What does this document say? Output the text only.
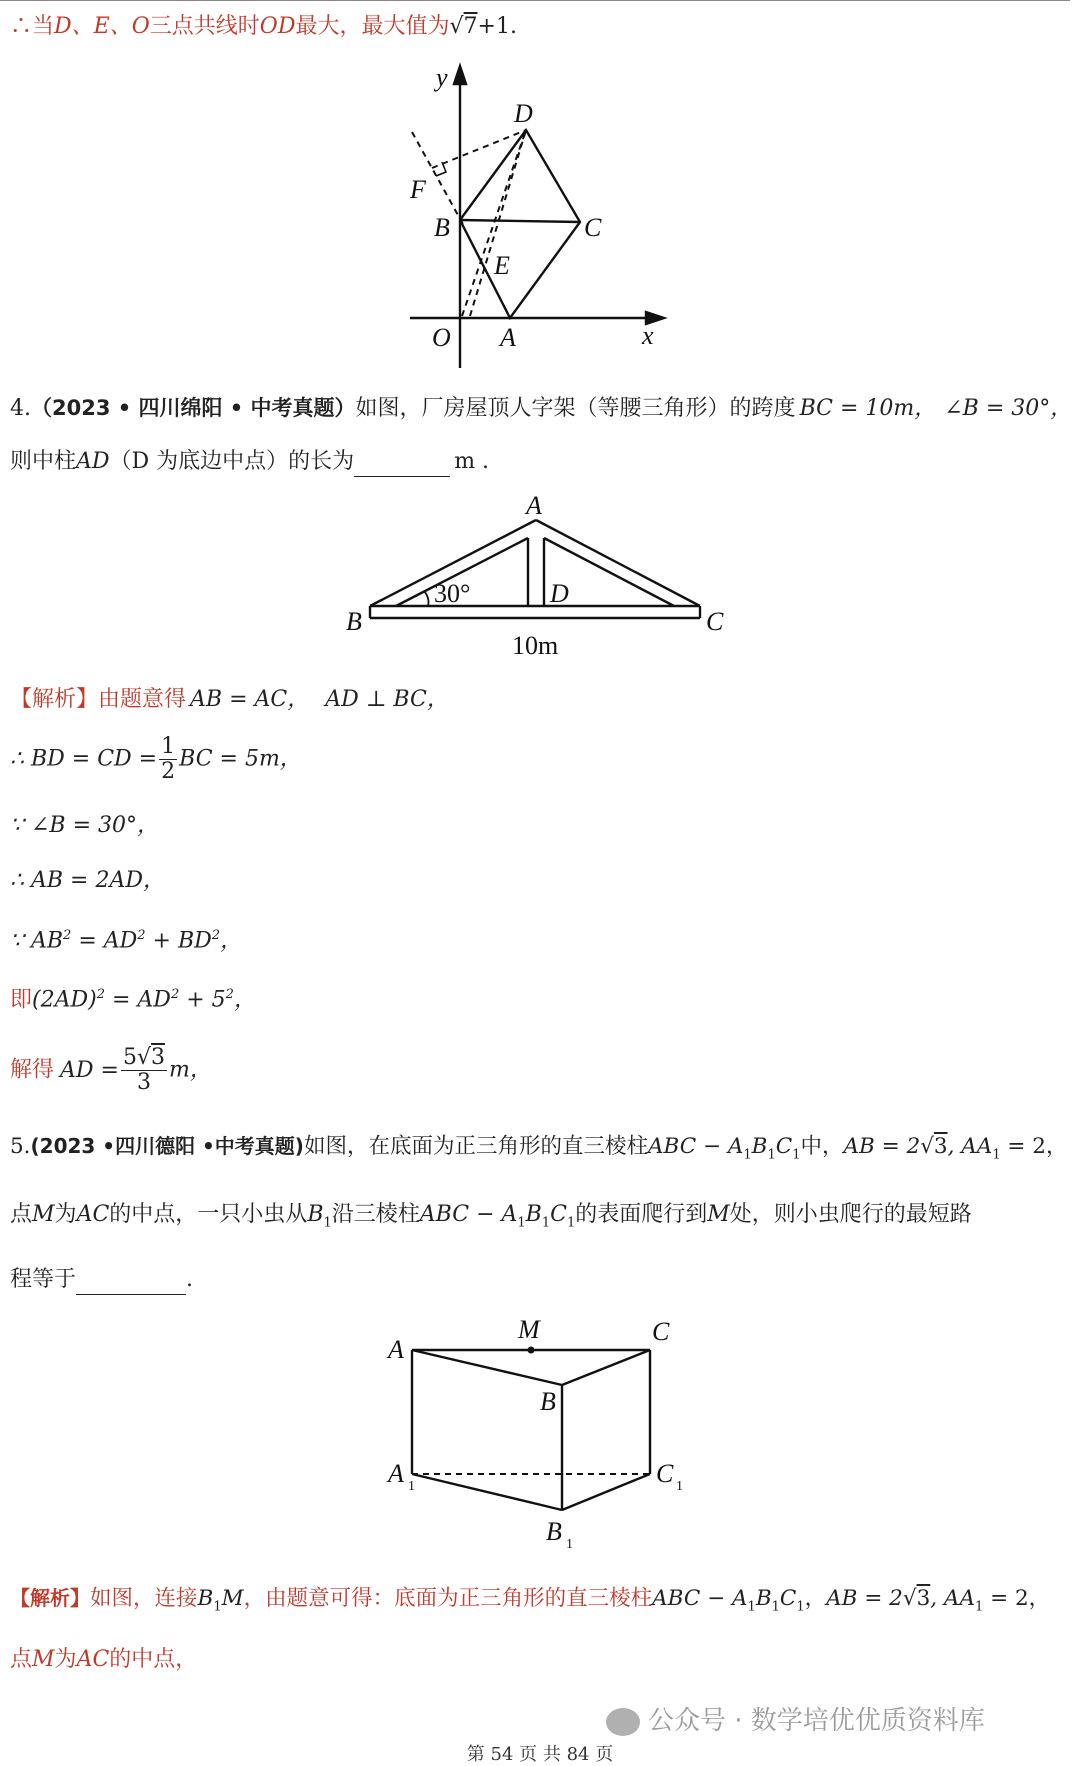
∴当D、E、O三点共线时OD最大，最大值为√7+1.
y
D
F
B	C
E
O A	x
4.（2023 • 四川绵阳 • 中考真题）如图，厂房屋顶人字架（等腰三角形）的跨度 BC = 10m， ∠B = 30°，
则中柱AD（D 为底边中点）的长为	m .
A
B	C
D
30°
10m
【解析】由题意得 AB = AC， AD ⊥ BC，
∴ BD = CD = $\frac{1}{2}$ BC = 5m，
∵ ∠B = 30°，
∴ AB = 2AD，
∵ $AB^2 = AD^2 + BD^2$，
即$(2AD)^2 = AD^2 + 5^2$，
解得 AD = $\frac{5√3}{3}$ m，
5.(2023 •四川德阳 •中考真题)如图，在底面为正三角形的直三棱柱ABC − $A_1B_1C_1$中，AB = 2√3, $AA_1 = 2$，
点M为AC的中点，一只小虫从$B_1$沿三棱柱ABC − $A_1B_1C_1$的表面爬行到M处，则小虫爬行的最短路
程等于	.
A
M	C
B
A 1	C 1
B 1
【解析】如图，连接$B_1M$，由题意可得：底面为正三角形的直三棱柱ABC − $A_1B_1C_1$，AB = 2√3, $AA_1 = 2$，
点M为AC的中点，
公众号 · 数学培优优质资料库
第 54 页 共 84 页
